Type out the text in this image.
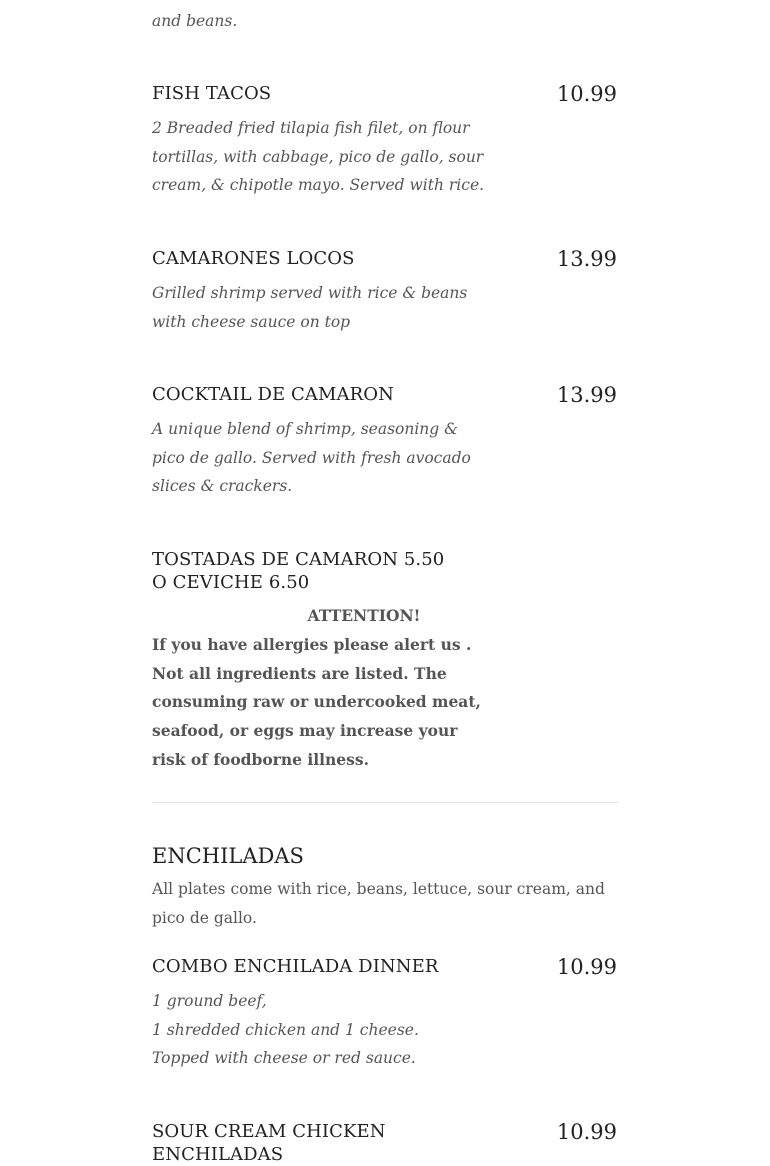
and beans.
FISH TACOS	10.99
2 Breaded fried tilapia fish filet, on flour tortillas, with cabbage, pico de gallo, sour cream, & chipotle mayo. Served with rice.
CAMARONES LOCOS	13.99
Grilled shrimp served with rice & beans with cheese sauce on top
COCKTAIL DE CAMARON	13.99
A unique blend of shrimp, seasoning & pico de gallo. Served with fresh avocado slices & crackers.
TOSTADAS DE CAMARON 5.50 O CEVICHE 6.50
ATTENTION!
If you have allergies please alert us . Not all ingredients are listed. The consuming raw or undercooked meat, seafood, or eggs may increase your risk of foodborne illness.
ENCHILADAS
All plates come with rice, beans, lettuce, sour cream, and pico de gallo.
COMBO ENCHILADA DINNER	10.99
1 ground beef,
1 shredded chicken and 1 cheese.
Topped with cheese or red sauce.
SOUR CREAM CHICKEN ENCHILADAS
10.99
